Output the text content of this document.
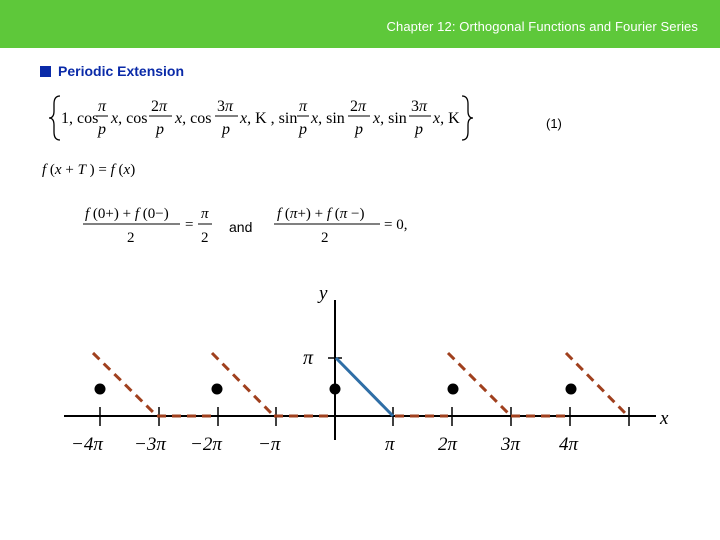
Chapter 12: Orthogonal Functions and Fourier Series
Periodic Extension
(1)
and
1, cos
π
p
x, cos
2π
p
x, cos
3π
p
x, K , sin
π
p
x, sin
2π
p
x, sin
3π
p
x, K
f (x + T ) = f (x)
f (0+) + f (0−)
2
=
π
2
f (π+) + f (π −)
2
= 0,
y
x
π
−4π −3π −2π −π	π 2π 3π 4π
